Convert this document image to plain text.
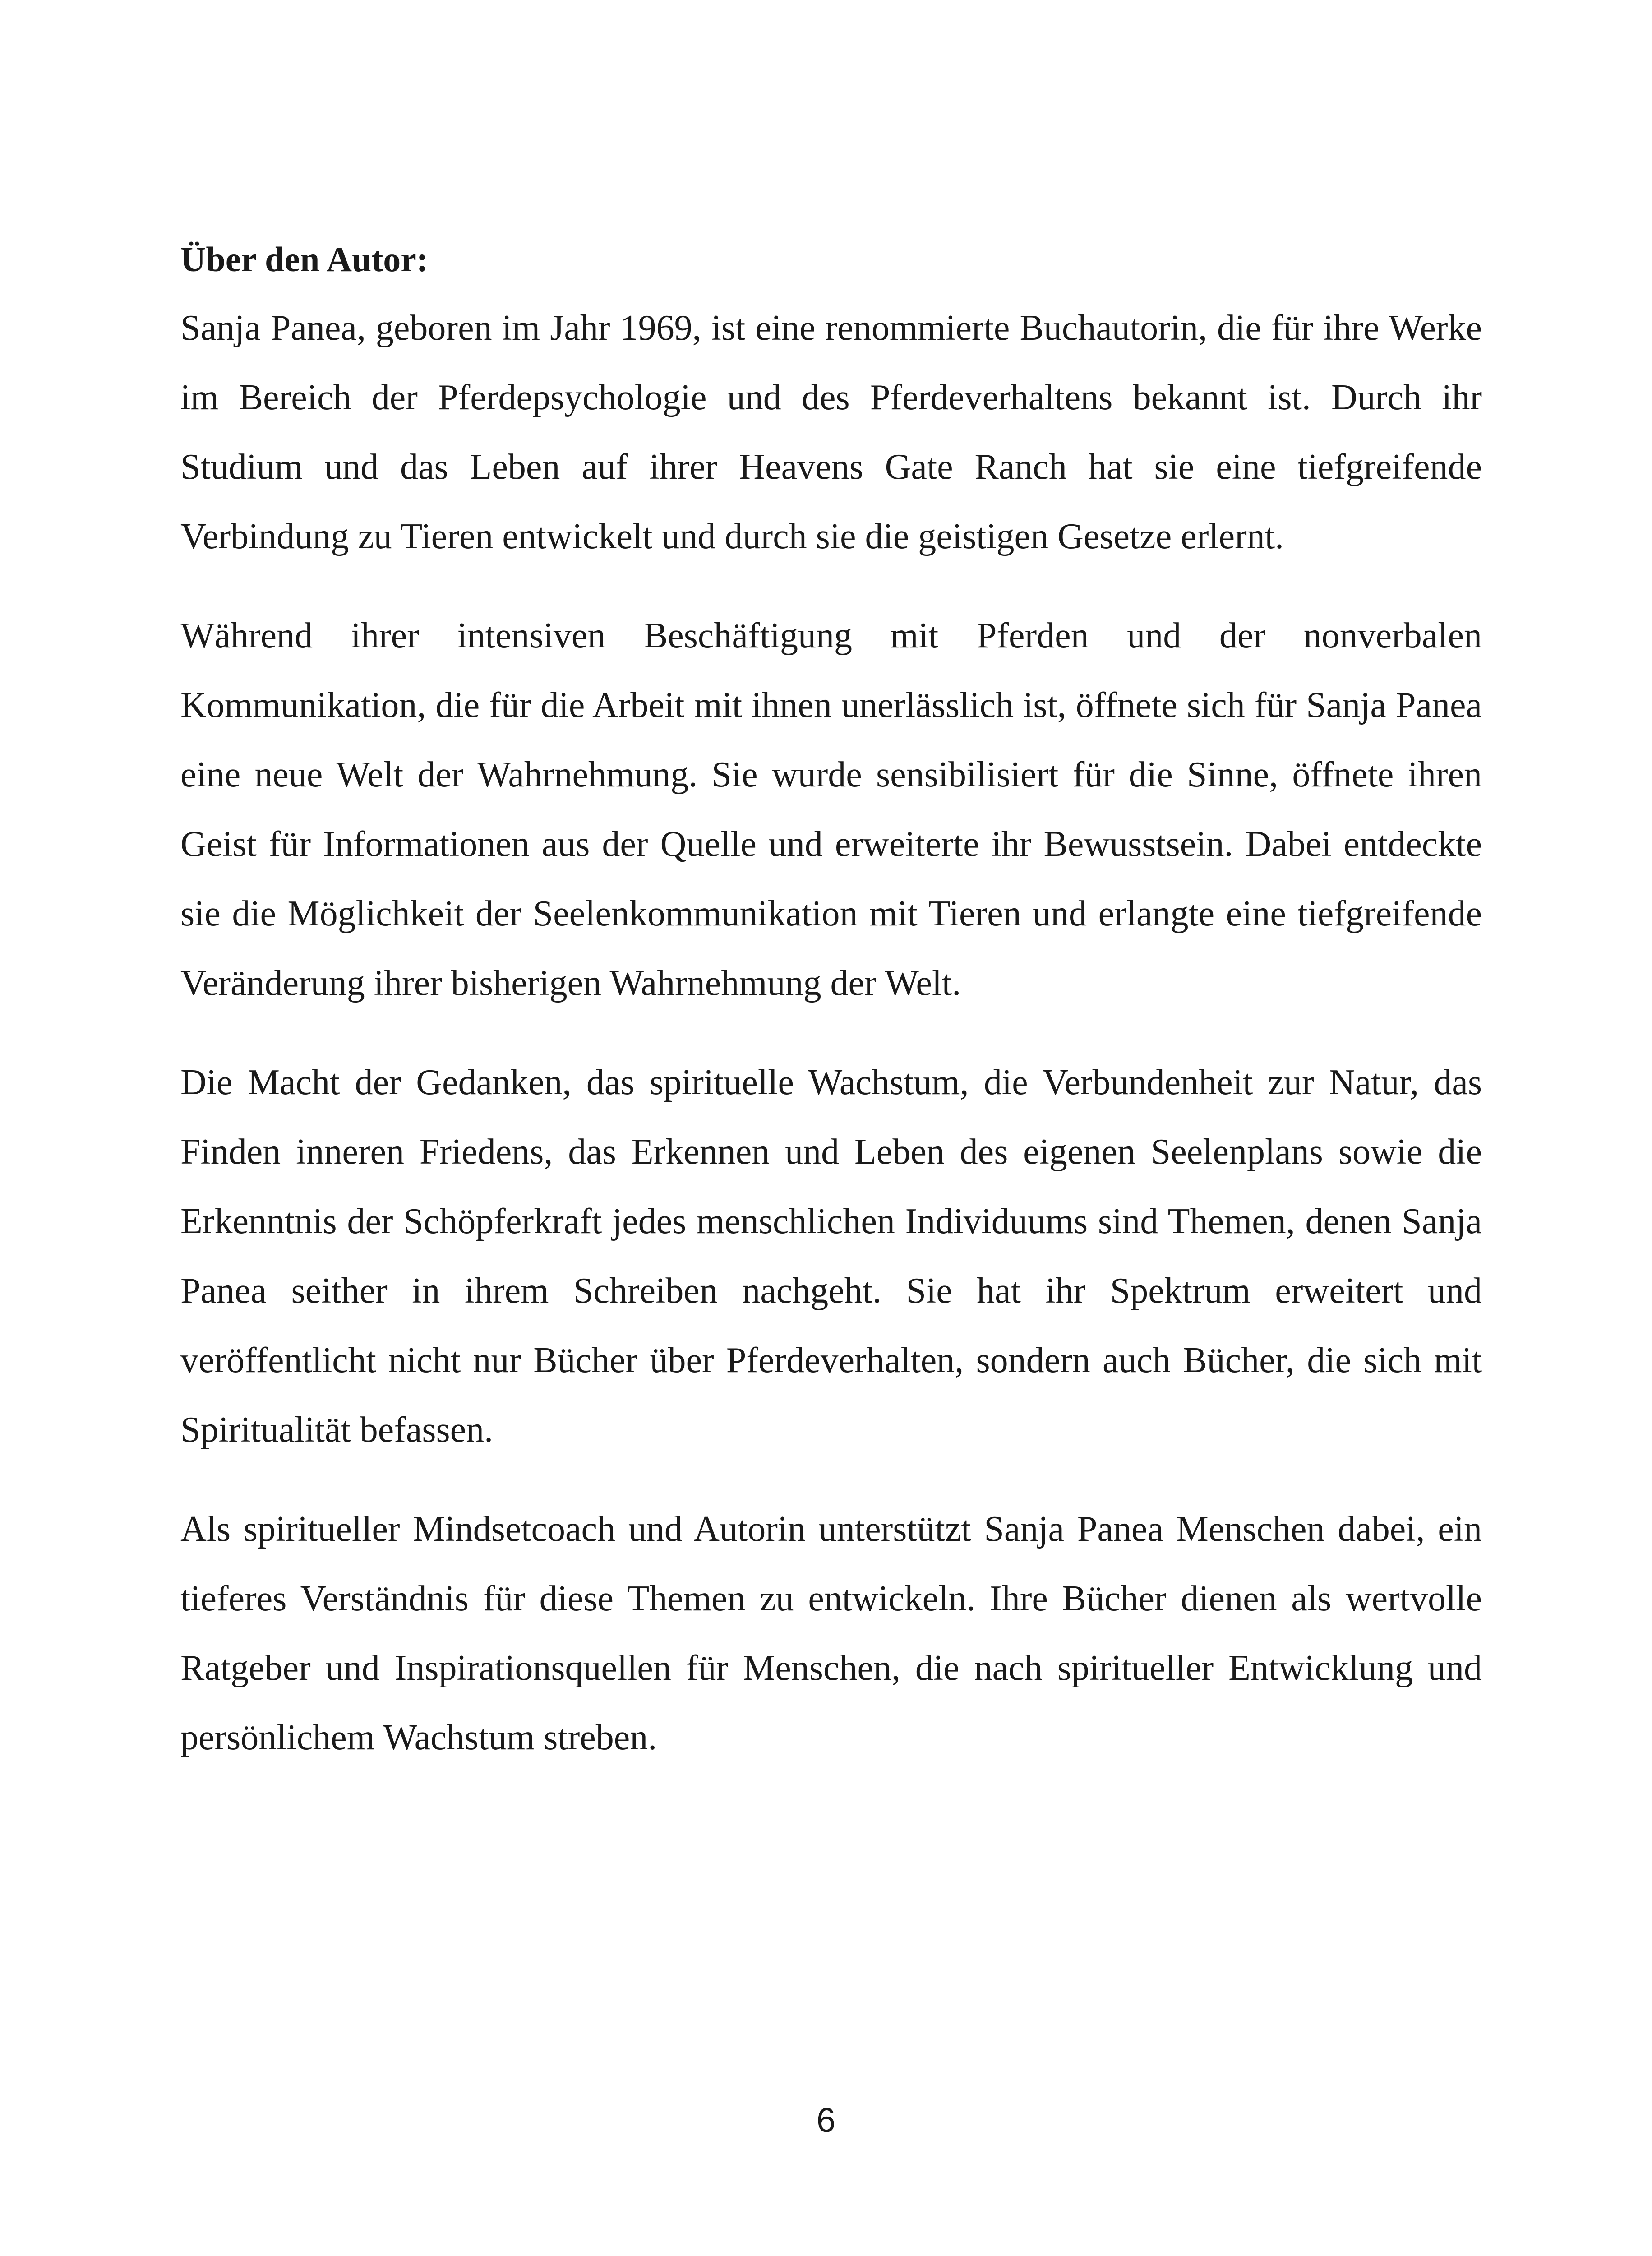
Über den Autor:

Sanja Panea, geboren im Jahr 1969, ist eine renommierte Buchautorin, die für ihre Werke im Bereich der Pferdepsychologie und des Pferdeverhaltens bekannt ist. Durch ihr Studium und das Leben auf ihrer Heavens Gate Ranch hat sie eine tiefgreifende Verbindung zu Tieren entwickelt und durch sie die geistigen Gesetze erlernt.

Während ihrer intensiven Beschäftigung mit Pferden und der nonverbalen Kommunikation, die für die Arbeit mit ihnen unerlässlich ist, öffnete sich für Sanja Panea eine neue Welt der Wahrnehmung. Sie wurde sensibilisiert für die Sinne, öffnete ihren Geist für Informationen aus der Quelle und erweiterte ihr Bewusstsein. Dabei entdeckte sie die Möglichkeit der Seelenkommunikation mit Tieren und erlangte eine tiefgreifende Veränderung ihrer bisherigen Wahrnehmung der Welt.

Die Macht der Gedanken, das spirituelle Wachstum, die Verbundenheit zur Natur, das Finden inneren Friedens, das Erkennen und Leben des eigenen Seelenplans sowie die Erkenntnis der Schöpferkraft jedes menschlichen Individuums sind Themen, denen Sanja Panea seither in ihrem Schreiben nachgeht. Sie hat ihr Spektrum erweitert und veröffentlicht nicht nur Bücher über Pferdeverhalten, sondern auch Bücher, die sich mit Spiritualität befassen.

Als spiritueller Mindsetcoach und Autorin unterstützt Sanja Panea Menschen dabei, ein tieferes Verständnis für diese Themen zu entwickeln. Ihre Bücher dienen als wertvolle Ratgeber und Inspirationsquellen für Menschen, die nach spiritueller Entwicklung und persönlichem Wachstum streben.

6
